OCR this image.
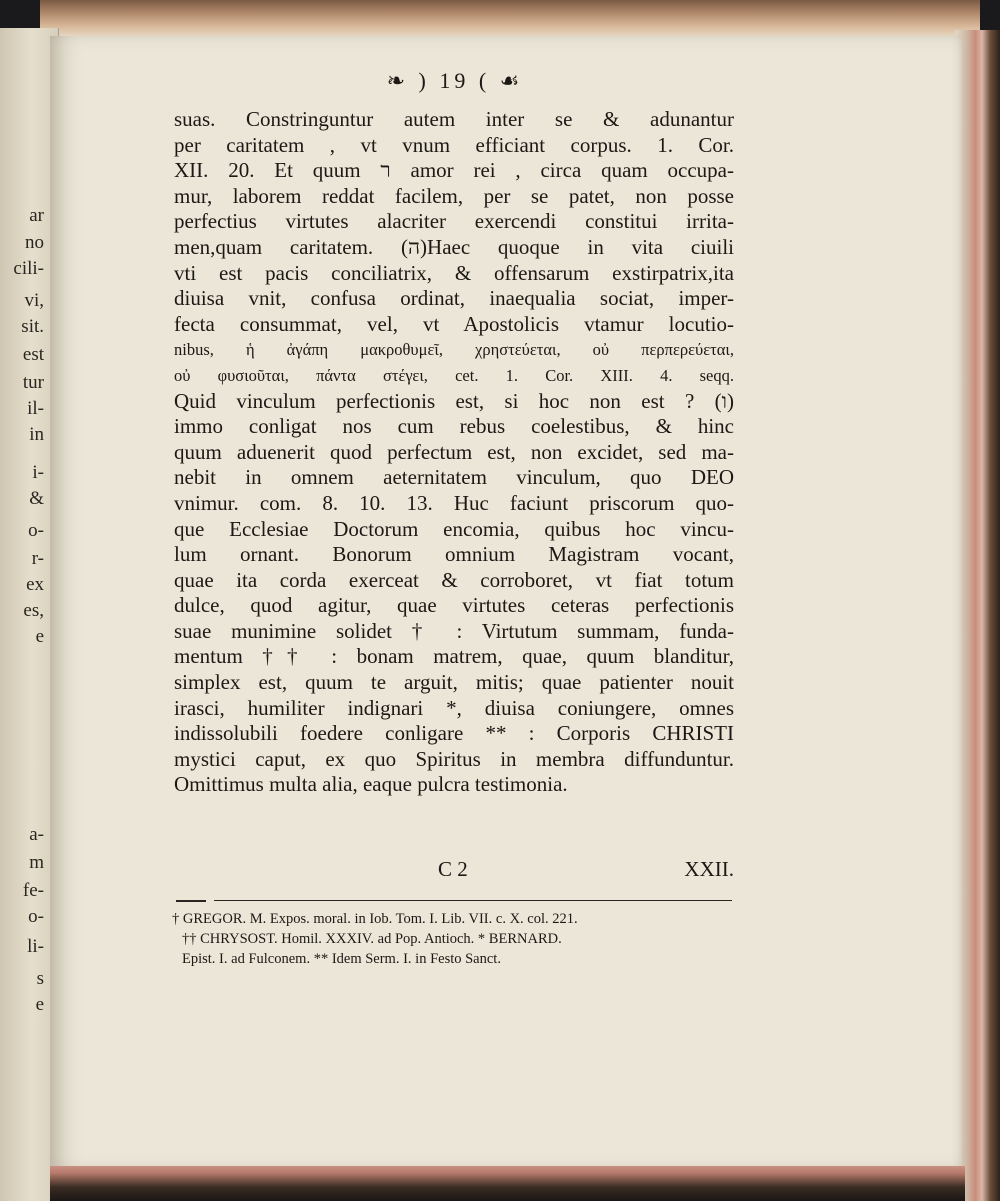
ar
no
cili-
vi,
sit.
est
tur
il-
in
i-
&
o-
r-
ex
es,
e
a-
m
fe-
o-
li-
s
e
❧ ) 19 ( ☙
suas. Constringuntur autem inter se & adunantur
per caritatem , vt vnum efficiant corpus. 1. Cor.
XII. 20. Et quum ר amor rei , circa quam occupa-
mur, laborem reddat facilem, per se patet, non posse
perfectius virtutes alacriter exercendi constitui irrita-
men,quam caritatem. (ה)Haec quoque in vita ciuili
vti est pacis conciliatrix, & offensarum exstirpatrix,ita
diuisa vnit, confusa ordinat, inaequalia sociat, imper-
fecta consummat, vel, vt Apostolicis vtamur locutio-
nibus, ἡ ἀγάπη μακροθυμεῖ, χρηστεύεται, οὐ περπερεύεται,
οὐ φυσιοῦται, πάντα στέγει, cet. 1. Cor. XIII. 4. seqq.
Quid vinculum perfectionis est, si hoc non est ? (ו)
immo conligat nos cum rebus coelestibus, & hinc
quum aduenerit quod perfectum est, non excidet, sed ma-
nebit in omnem aeternitatem vinculum, quo DEO
vnimur. com. 8. 10. 13. Huc faciunt priscorum quo-
que Ecclesiae Doctorum encomia, quibus hoc vincu-
lum ornant. Bonorum omnium Magistram vocant,
quae ita corda exerceat & corroboret, vt fiat totum
dulce, quod agitur, quae virtutes ceteras perfectionis
suae munimine solidet † : Virtutum summam, funda-
mentum †† : bonam matrem, quae, quum blanditur,
simplex est, quum te arguit, mitis; quae patienter nouit
irasci, humiliter indignari *, diuisa coniungere, omnes
indissolubili foedere conligare ** : Corporis CHRISTI
mystici caput, ex quo Spiritus in membra diffunduntur.
Omittimus multa alia, eaque pulcra testimonia.
C 2	XXII.
† GREGOR. M. Expos. moral. in Iob. Tom. I. Lib. VII. c. X. col. 221.
†† CHRYSOST. Homil. XXXIV. ad Pop. Antioch. * BERNARD.
Epist. I. ad Fulconem. ** Idem Serm. I. in Festo Sanct.
